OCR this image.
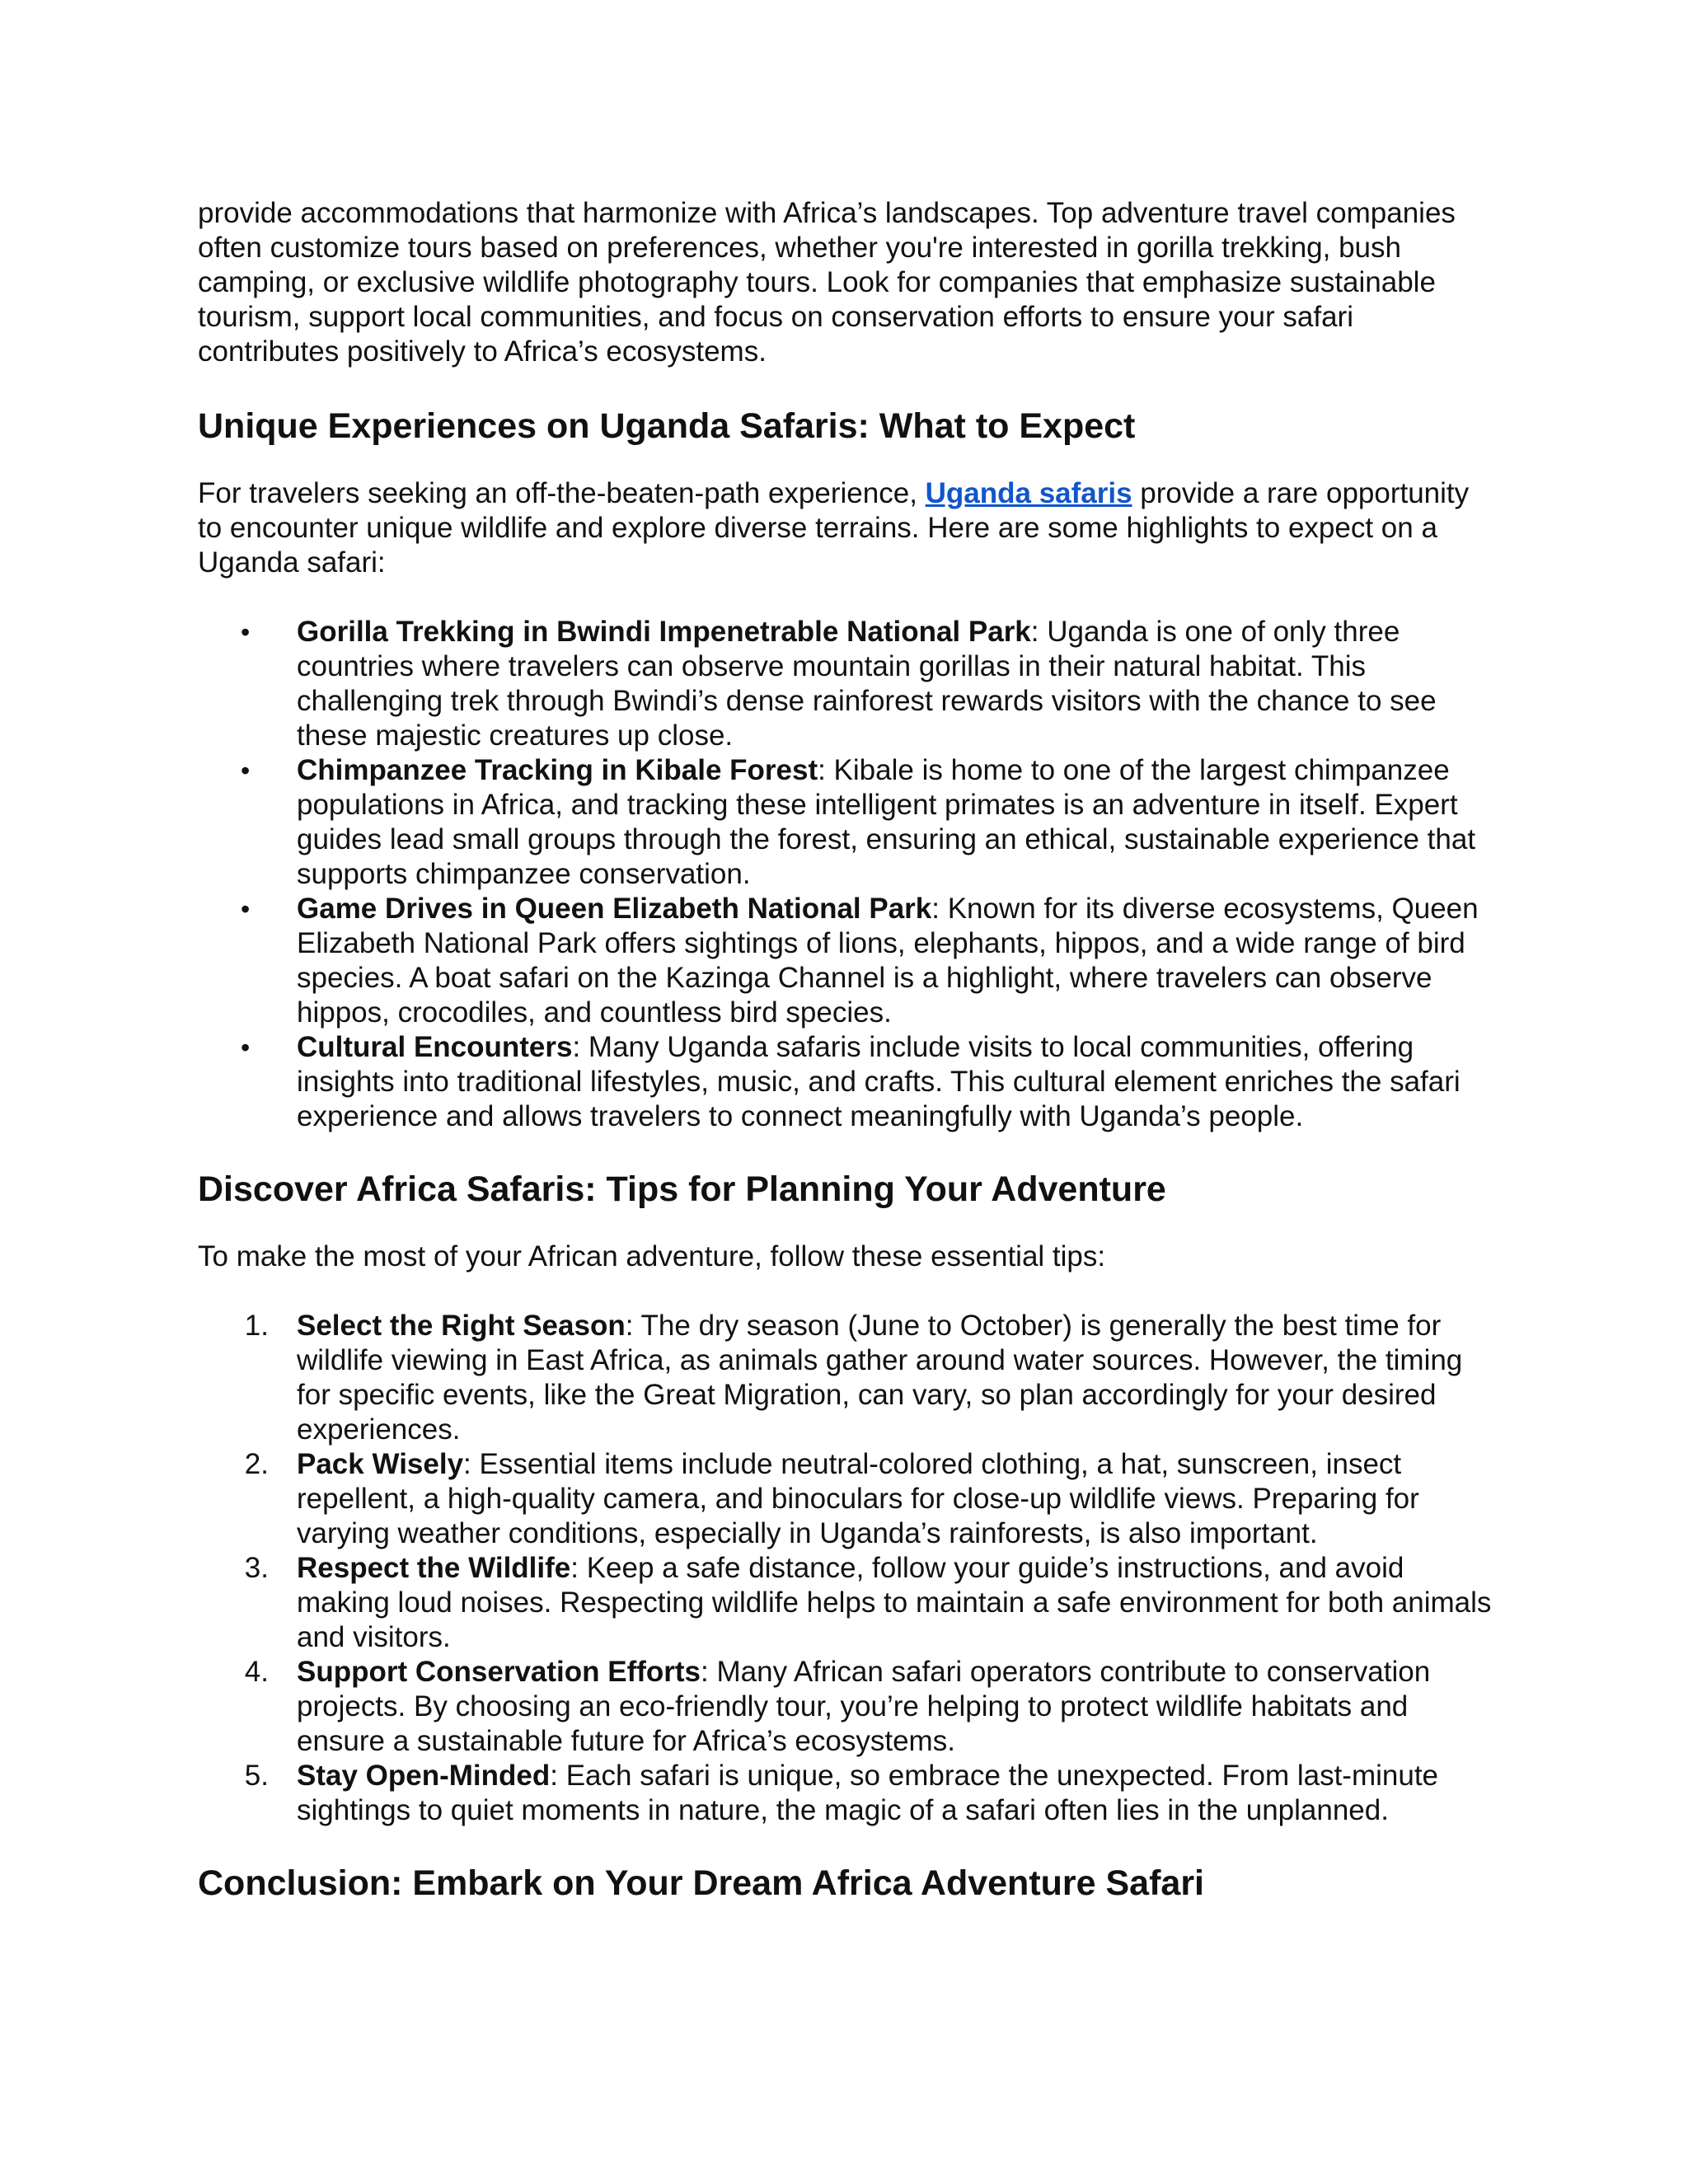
provide accommodations that harmonize with Africa’s landscapes. Top adventure travel companies often customize tours based on preferences, whether you're interested in gorilla trekking, bush camping, or exclusive wildlife photography tours. Look for companies that emphasize sustainable tourism, support local communities, and focus on conservation efforts to ensure your safari contributes positively to Africa’s ecosystems.

Unique Experiences on Uganda Safaris: What to Expect

For travelers seeking an off-the-beaten-path experience, Uganda safaris provide a rare opportunity to encounter unique wildlife and explore diverse terrains. Here are some highlights to expect on a Uganda safari:

• Gorilla Trekking in Bwindi Impenetrable National Park: Uganda is one of only three countries where travelers can observe mountain gorillas in their natural habitat. This challenging trek through Bwindi’s dense rainforest rewards visitors with the chance to see these majestic creatures up close.
• Chimpanzee Tracking in Kibale Forest: Kibale is home to one of the largest chimpanzee populations in Africa, and tracking these intelligent primates is an adventure in itself. Expert guides lead small groups through the forest, ensuring an ethical, sustainable experience that supports chimpanzee conservation.
• Game Drives in Queen Elizabeth National Park: Known for its diverse ecosystems, Queen Elizabeth National Park offers sightings of lions, elephants, hippos, and a wide range of bird species. A boat safari on the Kazinga Channel is a highlight, where travelers can observe hippos, crocodiles, and countless bird species.
• Cultural Encounters: Many Uganda safaris include visits to local communities, offering insights into traditional lifestyles, music, and crafts. This cultural element enriches the safari experience and allows travelers to connect meaningfully with Uganda’s people.
Discover Africa Safaris: Tips for Planning Your Adventure

To make the most of your African adventure, follow these essential tips:

1. Select the Right Season: The dry season (June to October) is generally the best time for wildlife viewing in East Africa, as animals gather around water sources. However, the timing for specific events, like the Great Migration, can vary, so plan accordingly for your desired experiences.
2. Pack Wisely: Essential items include neutral-colored clothing, a hat, sunscreen, insect repellent, a high-quality camera, and binoculars for close-up wildlife views. Preparing for varying weather conditions, especially in Uganda’s rainforests, is also important.
3. Respect the Wildlife: Keep a safe distance, follow your guide’s instructions, and avoid making loud noises. Respecting wildlife helps to maintain a safe environment for both animals and visitors.
4. Support Conservation Efforts: Many African safari operators contribute to conservation projects. By choosing an eco-friendly tour, you’re helping to protect wildlife habitats and ensure a sustainable future for Africa’s ecosystems.
5. Stay Open-Minded: Each safari is unique, so embrace the unexpected. From last-minute sightings to quiet moments in nature, the magic of a safari often lies in the unplanned.
Conclusion: Embark on Your Dream Africa Adventure Safari
